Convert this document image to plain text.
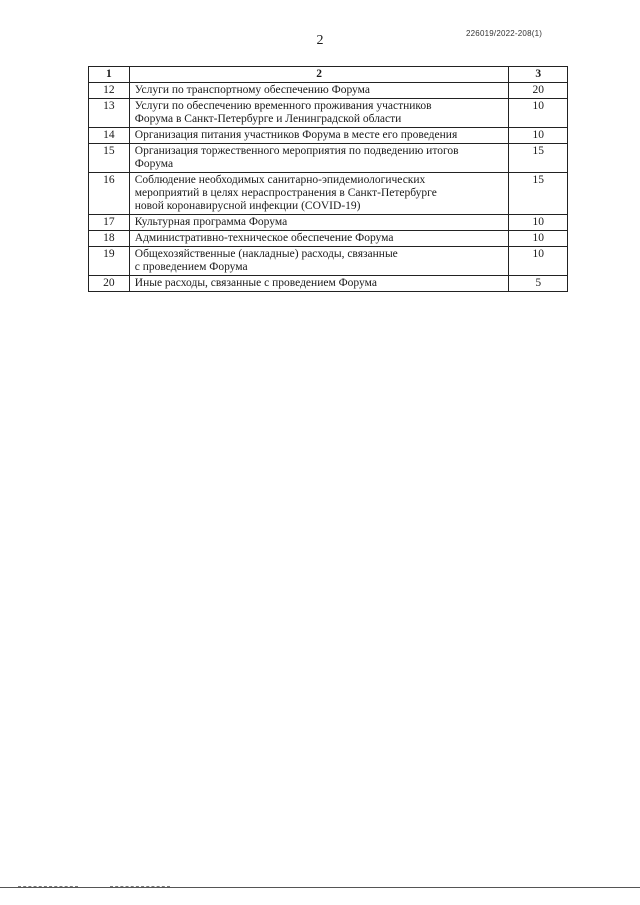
226019/2022-208(1)
2
1	2	3
12	Услуги по транспортному обеспечению Форума	20
13	Услуги по обеспечению временного проживания участников
Форума в Санкт-Петербурге и Ленинградской области	10
14	Организация питания участников Форума в месте его проведения	10
15	Организация торжественного мероприятия по подведению итогов
Форума	15
16	Соблюдение необходимых санитарно-эпидемиологических
мероприятий в целях нераспространения в Санкт-Петербурге
новой коронавирусной инфекции (COVID-19)	15
17	Культурная программа Форума	10
18	Административно-техническое обеспечение Форума	10
19	Общехозяйственные (накладные) расходы, связанные
с проведением Форума	10
20	Иные расходы, связанные с проведением Форума	5
